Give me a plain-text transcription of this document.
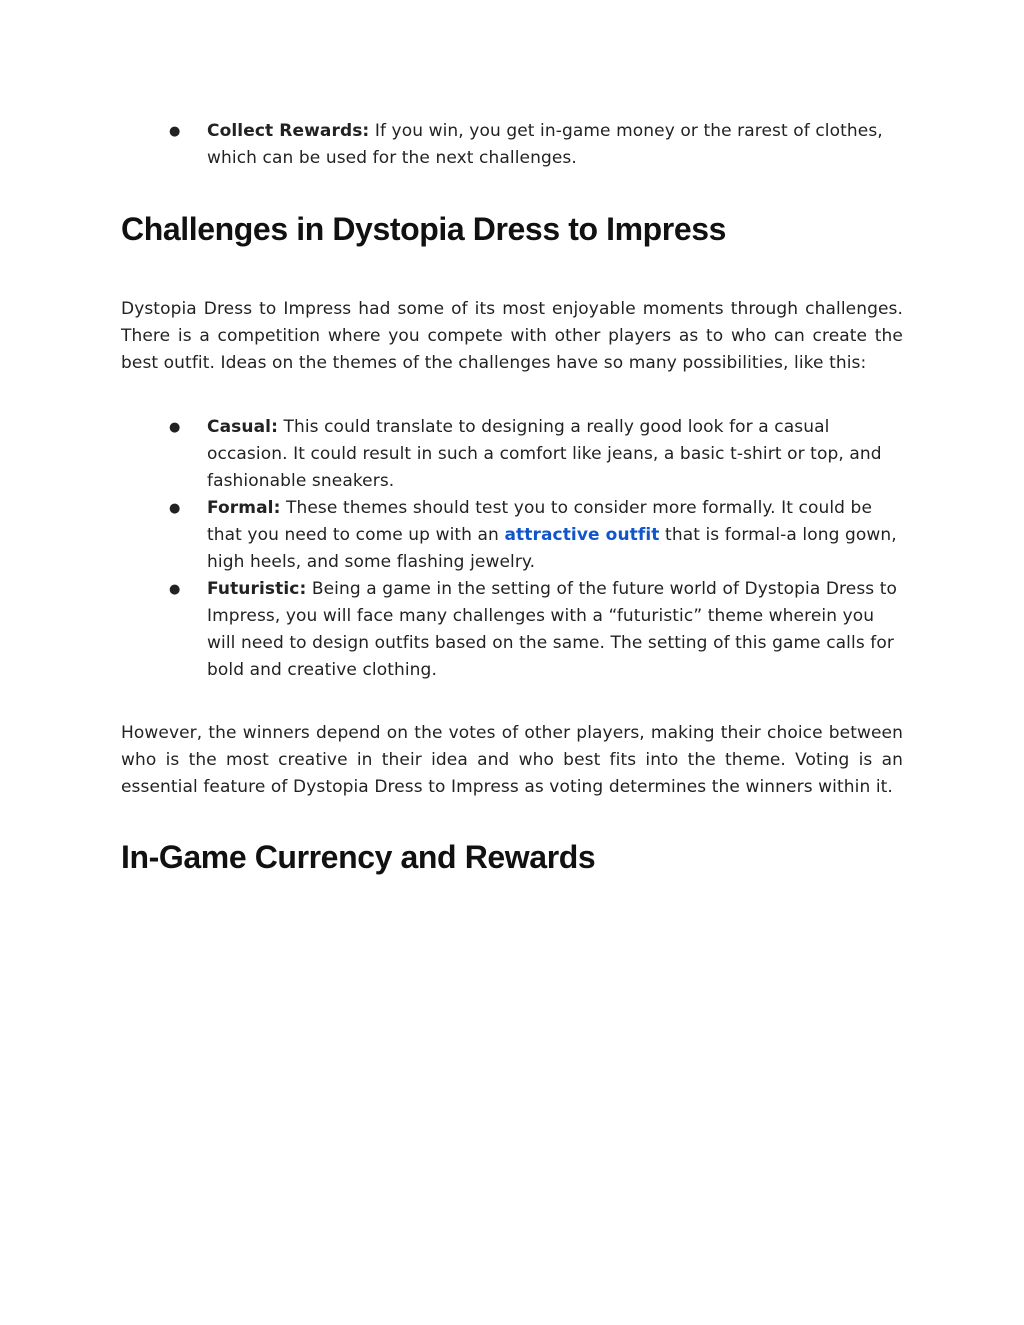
● Collect Rewards: If you win, you get in-game money or the rarest of clothes, which can be used for the next challenges.
Challenges in Dystopia Dress to Impress

Dystopia Dress to Impress had some of its most enjoyable moments through challenges. There is a competition where you compete with other players as to who can create the best outfit. Ideas on the themes of the challenges have so many possibilities, like this:

● Casual: This could translate to designing a really good look for a casual occasion. It could result in such a comfort like jeans, a basic t-shirt or top, and fashionable sneakers.
● Formal: These themes should test you to consider more formally. It could be that you need to come up with an attractive outfit that is formal-a long gown, high heels, and some flashing jewelry.
● Futuristic: Being a game in the setting of the future world of Dystopia Dress to Impress, you will face many challenges with a “futuristic” theme wherein you will need to design outfits based on the same. The setting of this game calls for bold and creative clothing.

However, the winners depend on the votes of other players, making their choice between who is the most creative in their idea and who best fits into the theme. Voting is an essential feature of Dystopia Dress to Impress as voting determines the winners within it.

In-Game Currency and Rewards
